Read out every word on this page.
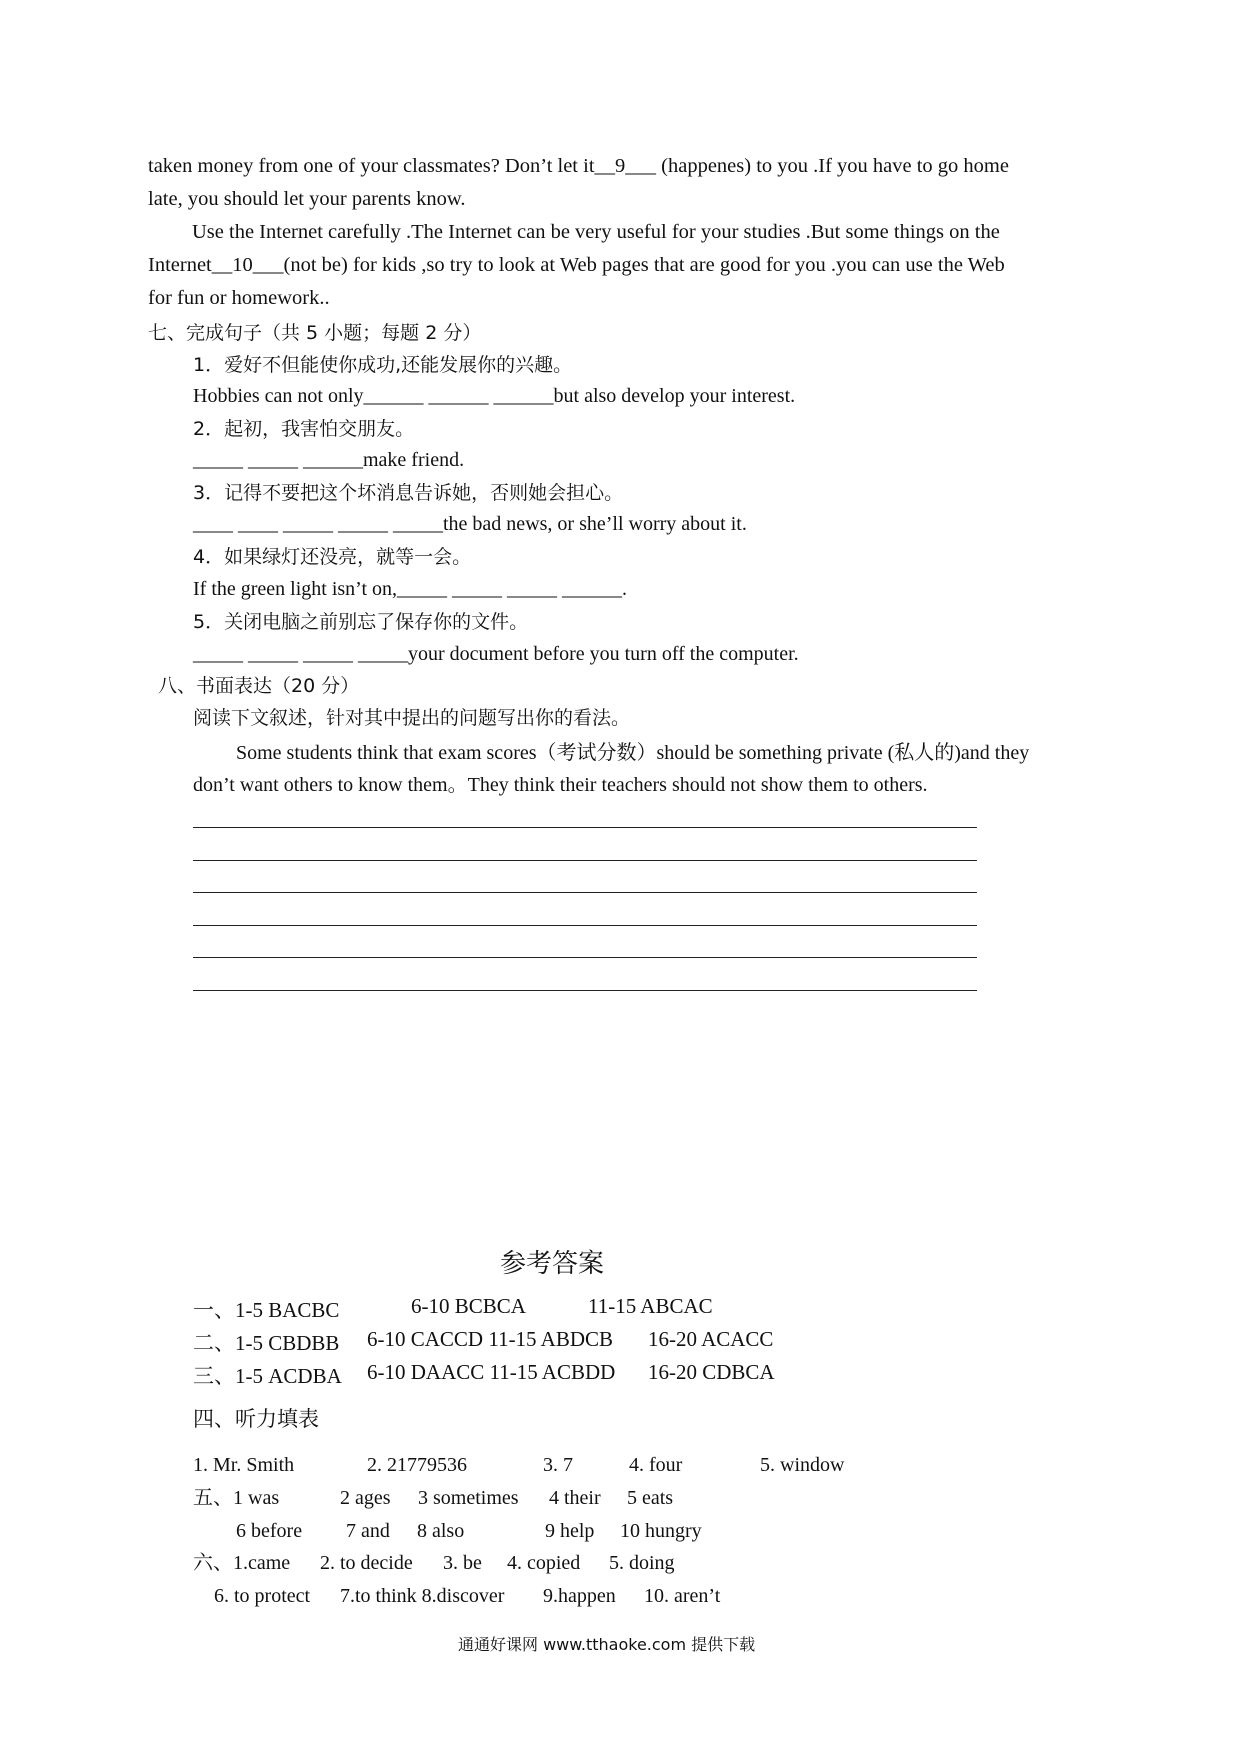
taken money from one of your classmates? Don’t let it__9___ (happenes) to you .If you have to go home
late, you should let your parents know.
Use the Internet carefully .The Internet can be very useful for your studies .But some things on the
Internet__10___(not be) for kids ,so try to look at Web pages that are good for you .you can use the Web
for fun or homework..
七、完成句子（共 5 小题；每题 2 分）
1．爱好不但能使你成功,还能发展你的兴趣。
Hobbies can not only______ ______ ______but also develop your interest.
2．起初，我害怕交朋友。
_____ _____ ______make friend.
3．记得不要把这个坏消息告诉她，否则她会担心。
____ ____ _____ _____ _____the bad news, or she’ll worry about it.
4．如果绿灯还没亮，就等一会。
If the green light isn’t on,_____ _____ _____ ______.
5．关闭电脑之前别忘了保存你的文件。
_____ _____ _____ _____your document before you turn off the computer.
八、书面表达（20 分）
阅读下文叙述，针对其中提出的问题写出你的看法。
Some students think that exam scores（考试分数）should be something private (私人的)and they
don’t want others to know them。They think their teachers should not show them to others.
参考答案
一、1-5 BACBC	6-10 BCBCA	11-15 ABCAC
二、1-5 CBDBB 6-10 CACCD 11-15 ABDCB 16-20 ACACC
三、1-5 ACDBA 6-10 DAACC 11-15 ACBDD 16-20 CDBCA
四、听力填表
1. Mr. Smith	2. 21779536	3. 7	4. four	5. window
五、1 was	2 ages 3 sometimes 4 their 5 eats
6 before 7 and 8 also	9 help 10 hungry
六、1.came 2. to decide 3. be 4. copied 5. doing
6. to protect 7.to think 8.discover 9.happen 10. aren’t
通通好课网 www.tthaoke.com 提供下载
